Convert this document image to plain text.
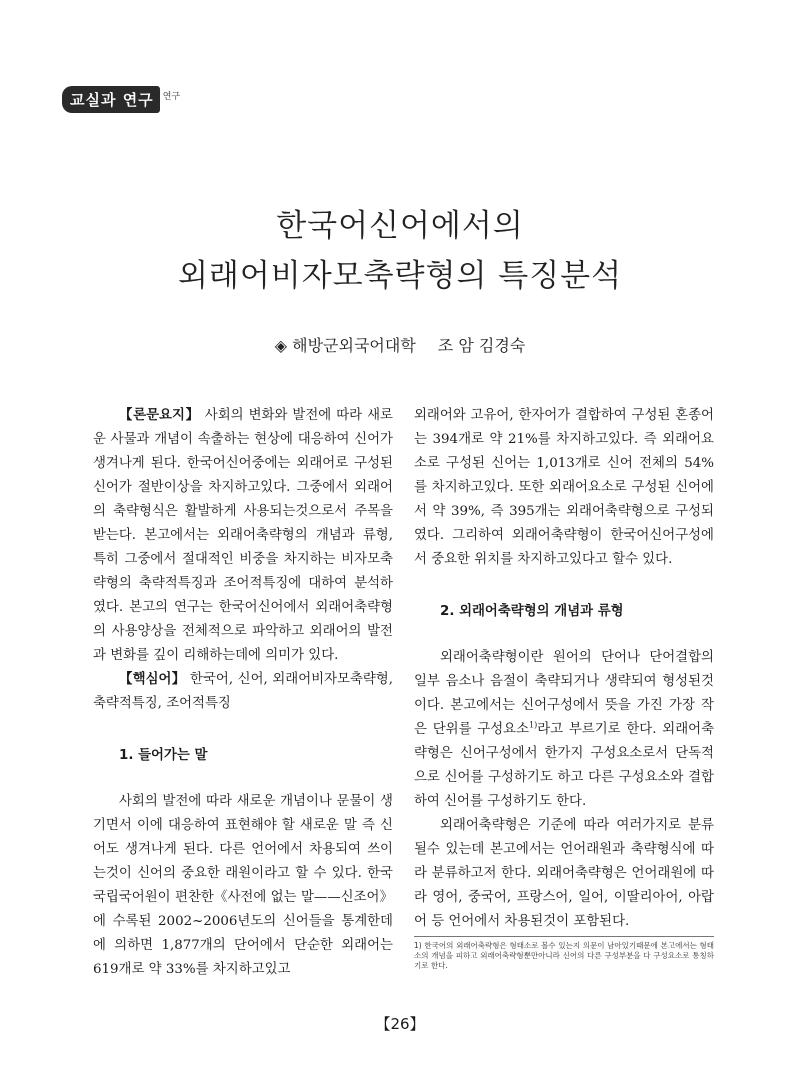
교실과 연구	연구
한국어신어에서의
외래어비자모축략형의 특징분석
◈ 해방군외국어대학 조 암 김경숙

【론문요지】 사회의 변화와 발전에 따라 새로운 사물과 개념이 속출하는 현상에 대응하여 신어가 생겨나게 된다. 한국어신어중에는 외래어로 구성된 신어가 절반이상을 차지하고있다. 그중에서 외래어의 축략형식은 활발하게 사용되는것으로서 주목을 받는다. 본고에서는 외래어축략형의 개념과 류형, 특히 그중에서 절대적인 비중을 차지하는 비자모축략형의 축략적특징과 조어적특징에 대하여 분석하였다. 본고의 연구는 한국어신어에서 외래어축략형의 사용양상을 전체적으로 파악하고 외래어의 발전과 변화를 깊이 리해하는데에 의미가 있다.

【핵심어】 한국어, 신어, 외래어비자모축략형, 축략적특징, 조어적특징

1. 들어가는 말

사회의 발전에 따라 새로운 개념이나 문물이 생기면서 이에 대응하여 표현해야 할 새로운 말 즉 신어도 생겨나게 된다. 다른 언어에서 차용되여 쓰이는것이 신어의 중요한 래원이라고 할 수 있다. 한국국립국어원이 편찬한《사전에 없는 말——신조어》에 수록된 2002~2006년도의 신어들을 통계한데에 의하면 1,877개의 단어에서 단순한 외래어는 619개로 약 33%를 차지하고있고

외래어와 고유어, 한자어가 결합하여 구성된 혼종어는 394개로 약 21%를 차지하고있다. 즉 외래어요소로 구성된 신어는 1,013개로 신어 전체의 54%를 차지하고있다. 또한 외래어요소로 구성된 신어에서 약 39%, 즉 395개는 외래어축략형으로 구성되였다. 그리하여 외래어축략형이 한국어신어구성에서 중요한 위치를 차지하고있다고 할수 있다.

2. 외래어축략형의 개념과 류형

외래어축략형이란 원어의 단어나 단어결합의 일부 음소나 음절이 축략되거나 생략되여 형성된것이다. 본고에서는 신어구성에서 뜻을 가진 가장 작은 단위를 구성요소$^{1)}$라고 부르기로 한다. 외래어축략형은 신어구성에서 한가지 구성요소로서 단독적으로 신어를 구성하기도 하고 다른 구성요소와 결합하여 신어를 구성하기도 한다.

외래어축략형은 기준에 따라 여러가지로 분류될수 있는데 본고에서는 언어래원과 축략형식에 따라 분류하고저 한다. 외래어축략형은 언어래원에 따라 영어, 중국어, 프랑스어, 일어, 이딸리아어, 아랍어 등 언어에서 차용된것이 포함된다.

1) 한국어의 외래어축략형은 형태소로 볼수 있는지 의문이 남아있기때문에 본고에서는 형태소의 개념을 피하고 외래어축략형뿐만아니라 신어의 다른 구성부분을 다 구성요소로 통칭하기로 한다.
【26】
